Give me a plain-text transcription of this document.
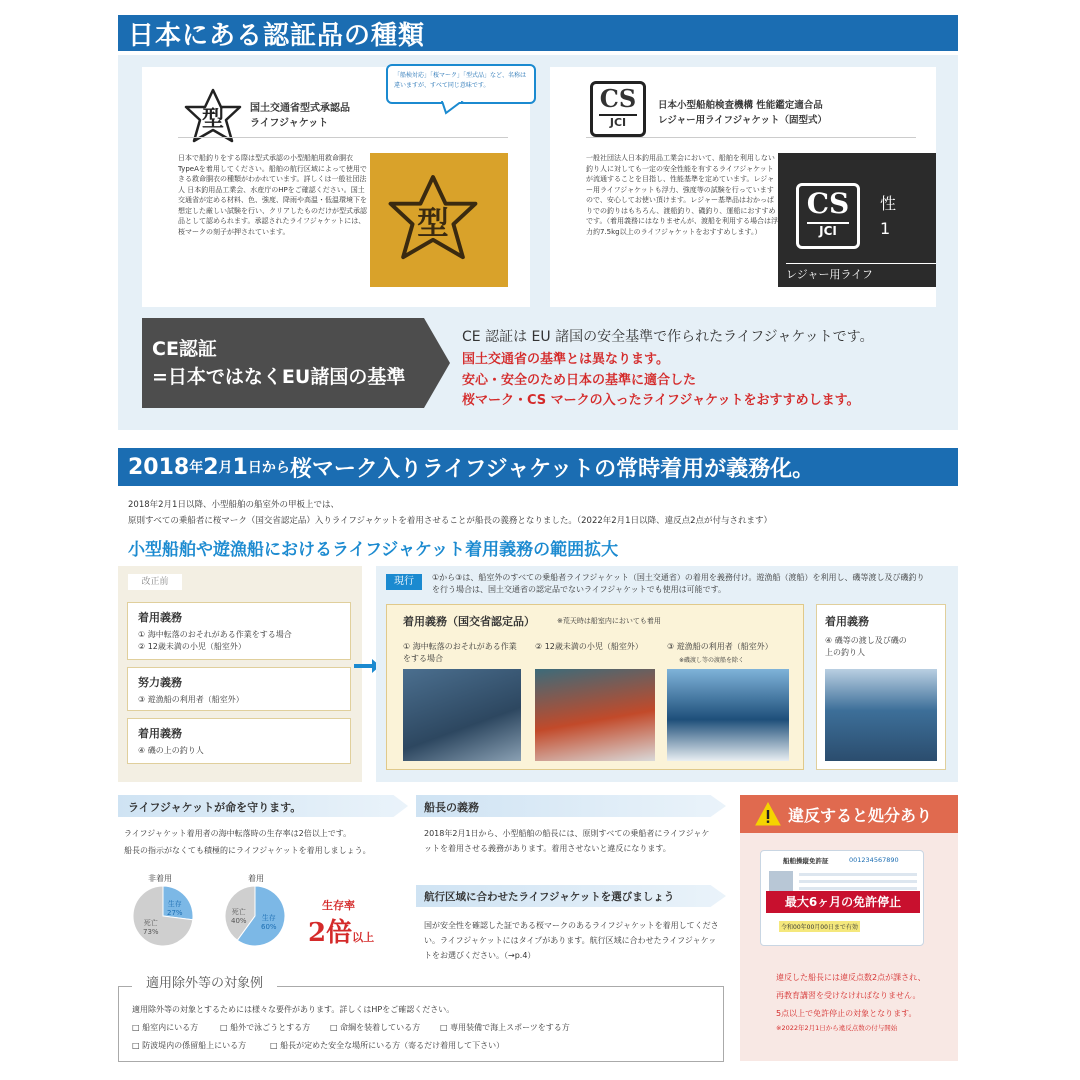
日本にある認証品の種類
型	国土交通省型式承認品
ライフジャケット
日本で船釣りをする際は型式承認の小型船舶用救命胴衣 TypeAを着用してください。船舶の航行区域によって使用できる救命胴衣の種類がわかれています。詳しくは一般社団法人 日本釣用品工業会、水産庁のHPをご確認ください。国土交通省が定める材料、色、強度、降雨や高温・低温環境下を想定した厳しい試験を行い、クリアしたものだけが型式承認品として認められます。承認されたライフジャケットには、桜マークの刻子が押されています。	型
「船検対応」「桜マーク」「型式品」など、名称は違いますが、すべて同じ意味です。	CS
JCI
日本小型船舶検査機構 性能鑑定適合品
レジャー用ライフジャケット（固型式）
一般社団法人日本釣用品工業会において、船舶を利用しない釣り人に対しても一定の安全性能を有するライフジャケットが流通することを目指し、性能基準を定めています。レジャー用ライフジャケットも浮力、強度等の試験を行っていますので、安心してお使い頂けます。レジャー基準品はおかっぱりでの釣りはもちろん、渡船釣り、磯釣り、運船におすすめです。（着用義務にはなりませんが、渡船を利用する場合は浮力約7.5kg以上のライフジャケットをおすすめします。）
CS
JCI
性
1
レジャー用ライフ
CE認証
=日本ではなくEU諸国の基準
CE 認証は EU 諸国の安全基準で作られたライフジャケットです。
国土交通省の基準とは異なります。
安心・安全のため日本の基準に適合した
桜マーク・CS マークの入ったライフジャケットをおすすめします。
2018 年 2 月 1 日から 桜マーク入りライフジャケットの常時着用が義務化。
2018年2月1日以降、小型船舶の船室外の甲板上では、
原則すべての乗船者に桜マーク（国交省認定品）入りライフジャケットを着用させることが船長の義務となりました。（2022年2月1日以降、違反点2点が付与されます）
小型船舶や遊漁船におけるライフジャケット着用義務の範囲拡大
改正前
着用義務
① 海中転落のおそれがある作業をする場合
② 12歳未満の小児（船室外）
努力義務
③ 遊漁船の利用者（船室外）
着用義務
④ 磯の上の釣り人
現行	①から③は、船室外のすべての乗船者ライフジャケット（国土交通省）の着用を義務付け。遊漁船（渡船）を利用し、磯等渡し及び磯釣りを行う場合は、国土交通省の認定品でないライフジャケットでも使用は可能です。
着用義務（国交省認定品）	※荒天時は船室内においても着用
① 海中転落のおそれがある作業をする場合
② 12歳未満の小児（船室外）	③ 遊漁船の利用者（船室外）
※磯渡し等の渡船を除く
着用義務
④ 磯等の渡し及び磯の上の釣り人
ライフジャケットが命を守ります。
ライフジャケット着用者の海中転落時の生存率は2倍以上です。
船長の指示がなくても積極的にライフジャケットを着用しましょう。
非着用
生存
27%
死亡
73%
着用
死亡
40% 生存
60%
生存率
2倍以上
船長の義務
2018年2月1日から、小型船舶の船長には、原則すべての乗船者にライフジャケットを着用させる義務があります。着用させないと違反になります。
航行区域に合わせたライフジャケットを選びましょう
国が安全性を確認した証である桜マークのあるライフジャケットを着用してください。ライフジャケットにはタイプがあります。航行区域に合わせたライフジャケットをお選びください。（→p.4）
違反すると処分あり
船舶操縦免許証	001234567890
令和00年00月00日まで有効
最大6ヶ月の免許停止
違反した船長には違反点数2点が課され、
再教育講習を受けなければなりません。
5点以上で免許停止の対象となります。
※2022年2月1日から違反点数の付与開始
適用除外等の対象例
適用除外等の対象とするためには様々な要件があります。詳しくはHPをご確認ください。
□ 船室内にいる方	□ 船外で泳ごうとする方 □ 命綱を装着している方 □ 専用装備で海上スポーツをする方
□ 防波堤内の係留船上にいる方	□ 船長が定めた安全な場所にいる方（寄るだけ着用して下さい）
